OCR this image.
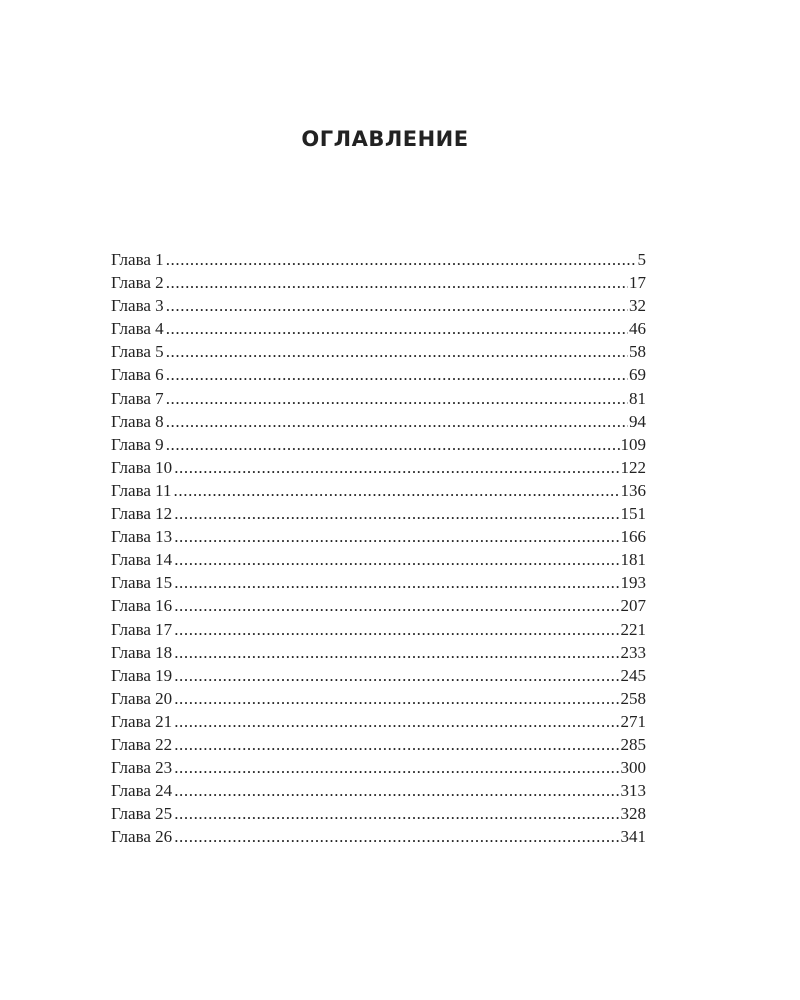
ОГЛАВЛЕНИЕ
Глава 1 .....	5
Глава 2 .....	17
Глава 3 .....	32
Глава 4 .....	46
Глава 5 .....	58
Глава 6 .....	69
Глава 7 .....	81
Глава 8 .....	94
Глава 9 .....	109
Глава 10 .....	122
Глава 11 .....	136
Глава 12 .....	151
Глава 13 .....	166
Глава 14 .....	181
Глава 15 .....	193
Глава 16 .....	207
Глава 17 .....	221
Глава 18 .....	233
Глава 19 .....	245
Глава 20 .....	258
Глава 21 .....	271
Глава 22 .....	285
Глава 23 .....	300
Глава 24 .....	313
Глава 25 .....	328
Глава 26 .....	341
